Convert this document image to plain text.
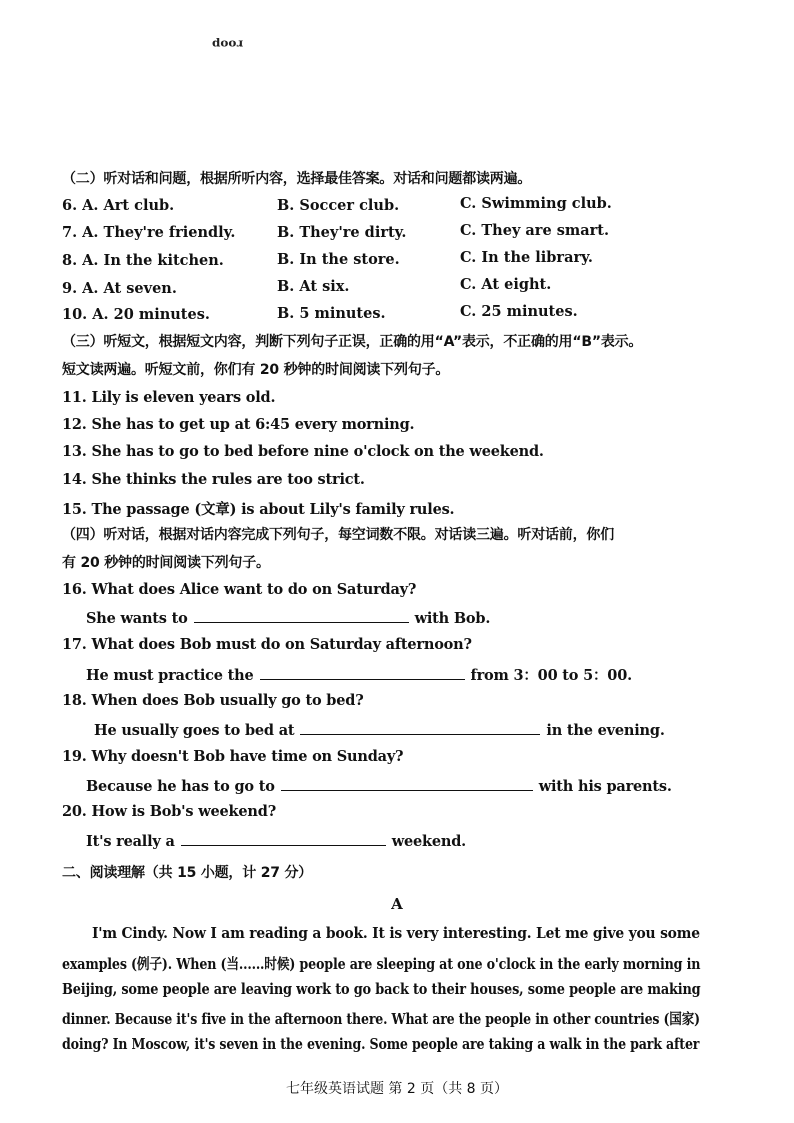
dooɹ
（二）听对话和问题，根据所听内容，选择最佳答案。对话和问题都读两遍。
6. A. Art club.	B. Soccer club.	C. Swimming club.
7. A. They're friendly.	B. They're dirty.	C. They are smart.
8. A. In the kitchen.	B. In the store.	C. In the library.
9. A. At seven.	B. At six.	C. At eight.
10. A. 20 minutes.	B. 5 minutes.	C. 25 minutes.
（三）听短文，根据短文内容，判断下列句子正误，正确的用“A”表示，不正确的用“B”表示。
短文读两遍。听短文前，你们有 20 秒钟的时间阅读下列句子。
11. Lily is eleven years old.
12. She has to get up at 6:45 every morning.
13. She has to go to bed before nine o'clock on the weekend.
14. She thinks the rules are too strict.
15. The passage (文章) is about Lily's family rules.
（四）听对话，根据对话内容完成下列句子，每空词数不限。对话读三遍。听对话前，你们
有 20 秒钟的时间阅读下列句子。
16. What does Alice want to do on Saturday?
She wants to	with Bob.
17. What does Bob must do on Saturday afternoon?
He must practice the	from 3：00 to 5：00.
18. When does Bob usually go to bed?
He usually goes to bed at	in the evening.
19. Why doesn't Bob have time on Sunday?
Because he has to go to	with his parents.
20. How is Bob's weekend?
It's really a	weekend.
二、阅读理解（共 15 小题，计 27 分）
A
I'm Cindy. Now I am reading a book. It is very interesting. Let me give you some
examples (例子). When (当......时候) people are sleeping at one o'clock in the early morning in
Beijing, some people are leaving work to go back to their houses, some people are making
dinner. Because it's five in the afternoon there. What are the people in other countries (国家)
doing? In Moscow, it's seven in the evening. Some people are taking a walk in the park after
七年级英语试题 第 2 页（共 8 页）
